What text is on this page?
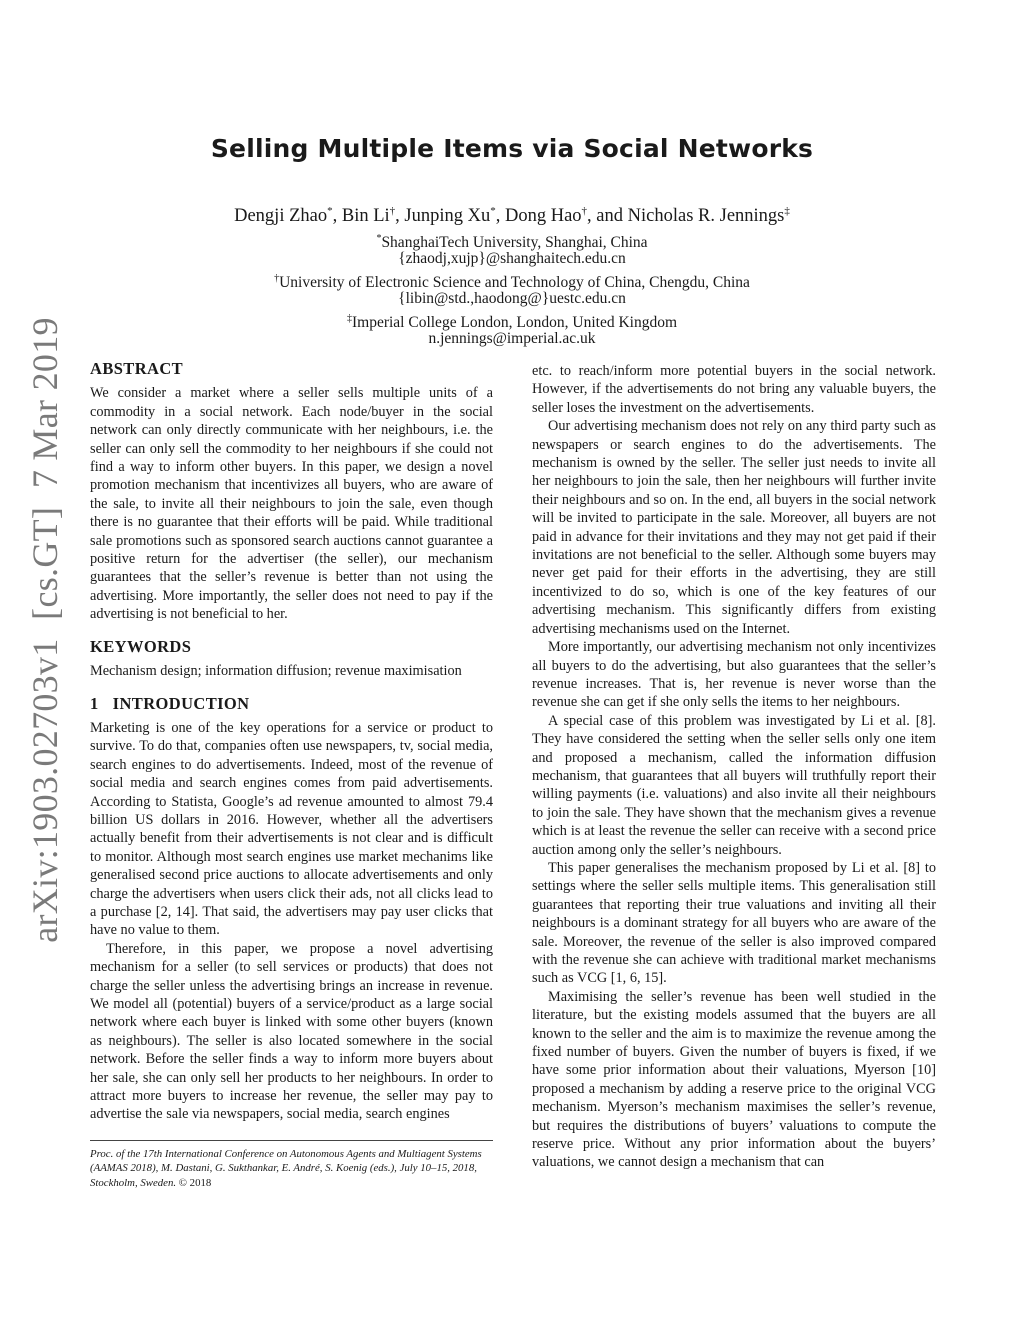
Selling Multiple Items via Social Networks

Dengji Zhao*, Bin Li†, Junping Xu*, Dong Hao†, and Nicholas R. Jennings‡

*ShanghaiTech University, Shanghai, China

{zhaodj,xujp}@shanghaitech.edu.cn

†University of Electronic Science and Technology of China, Chengdu, China

{libin@std.,haodong@}uestc.edu.cn

‡Imperial College London, London, United Kingdom

n.jennings@imperial.ac.uk

arXiv:1903.02703v1  [cs.GT]  7 Mar 2019 ABSTRACT

We consider a market where a seller sells multiple units of a commodity in a social network. Each node/buyer in the social network can only directly communicate with her neighbours, i.e. the seller can only sell the commodity to her neighbours if she could not find a way to inform other buyers. In this paper, we design a novel promotion mechanism that incentivizes all buyers, who are aware of the sale, to invite all their neighbours to join the sale, even though there is no guarantee that their efforts will be paid. While traditional sale promotions such as sponsored search auctions cannot guarantee a positive return for the advertiser (the seller), our mechanism guarantees that the seller’s revenue is better than not using the advertising. More importantly, the seller does not need to pay if the advertising is not beneficial to her.

KEYWORDS

Mechanism design; information diffusion; revenue maximisation

1 INTRODUCTION

Marketing is one of the key operations for a service or product to survive. To do that, companies often use newspapers, tv, social media, search engines to do advertisements. Indeed, most of the revenue of social media and search engines comes from paid advertisements. According to Statista, Google’s ad revenue amounted to almost 79.4 billion US dollars in 2016. However, whether all the advertisers actually benefit from their advertisements is not clear and is difficult to monitor. Although most search engines use market mechanims like generalised second price auctions to allocate advertisements and only charge the advertisers when users click their ads, not all clicks lead to a purchase [2, 14]. That said, the advertisers may pay user clicks that have no value to them.

Therefore, in this paper, we propose a novel advertising mechanism for a seller (to sell services or products) that does not charge the seller unless the advertising brings an increase in revenue. We model all (potential) buyers of a service/product as a large social network where each buyer is linked with some other buyers (known as neighbours). The seller is also located somewhere in the social network. Before the seller finds a way to inform more buyers about her sale, she can only sell her products to her neighbours. In order to attract more buyers to increase her revenue, the seller may pay to advertise the sale via newspapers, social media, search engines

etc. to reach/inform more potential buyers in the social network. However, if the advertisements do not bring any valuable buyers, the seller loses the investment on the advertisements.

Our advertising mechanism does not rely on any third party such as newspapers or search engines to do the advertisements. The mechanism is owned by the seller. The seller just needs to invite all her neighbours to join the sale, then her neighbours will further invite their neighbours and so on. In the end, all buyers in the social network will be invited to participate in the sale. Moreover, all buyers are not paid in advance for their invitations and they may not get paid if their invitations are not beneficial to the seller. Although some buyers may never get paid for their efforts in the advertising, they are still incentivized to do so, which is one of the key features of our advertising mechanism. This significantly differs from existing advertising mechanisms used on the Internet.

More importantly, our advertising mechanism not only incentivizes all buyers to do the advertising, but also guarantees that the seller’s revenue increases. That is, her revenue is never worse than the revenue she can get if she only sells the items to her neighbours.

A special case of this problem was investigated by Li et al. [8]. They have considered the setting when the seller sells only one item and proposed a mechanism, called the information diffusion mechanism, that guarantees that all buyers will truthfully report their willing payments (i.e. valuations) and also invite all their neighbours to join the sale. They have shown that the mechanism gives a revenue which is at least the revenue the seller can receive with a second price auction among only the seller’s neighbours.

This paper generalises the mechanism proposed by Li et al. [8] to settings where the seller sells multiple items. This generalisation still guarantees that reporting their true valuations and inviting all their neighbours is a dominant strategy for all buyers who are aware of the sale. Moreover, the revenue of the seller is also improved compared with the revenue she can achieve with traditional market mechanisms such as VCG [1, 6, 15].

Maximising the seller’s revenue has been well studied in the literature, but the existing models assumed that the buyers are all known to the seller and the aim is to maximize the revenue among the fixed number of buyers. Given the number of buyers is fixed, if we have some prior information about their valuations, Myerson [10] proposed a mechanism by adding a reserve price to the original VCG mechanism. Myerson’s mechanism maximises the seller’s revenue, but requires the distributions of buyers’ valuations to compute the reserve price. Without any prior information about the buyers’ valuations, we cannot design a mechanism that can

Proc. of the 17th International Conference on Autonomous Agents and Multiagent Systems (AAMAS 2018), M. Dastani, G. Sukthankar, E. André, S. Koenig (eds.), July 10–15, 2018, Stockholm, Sweden. © 2018
